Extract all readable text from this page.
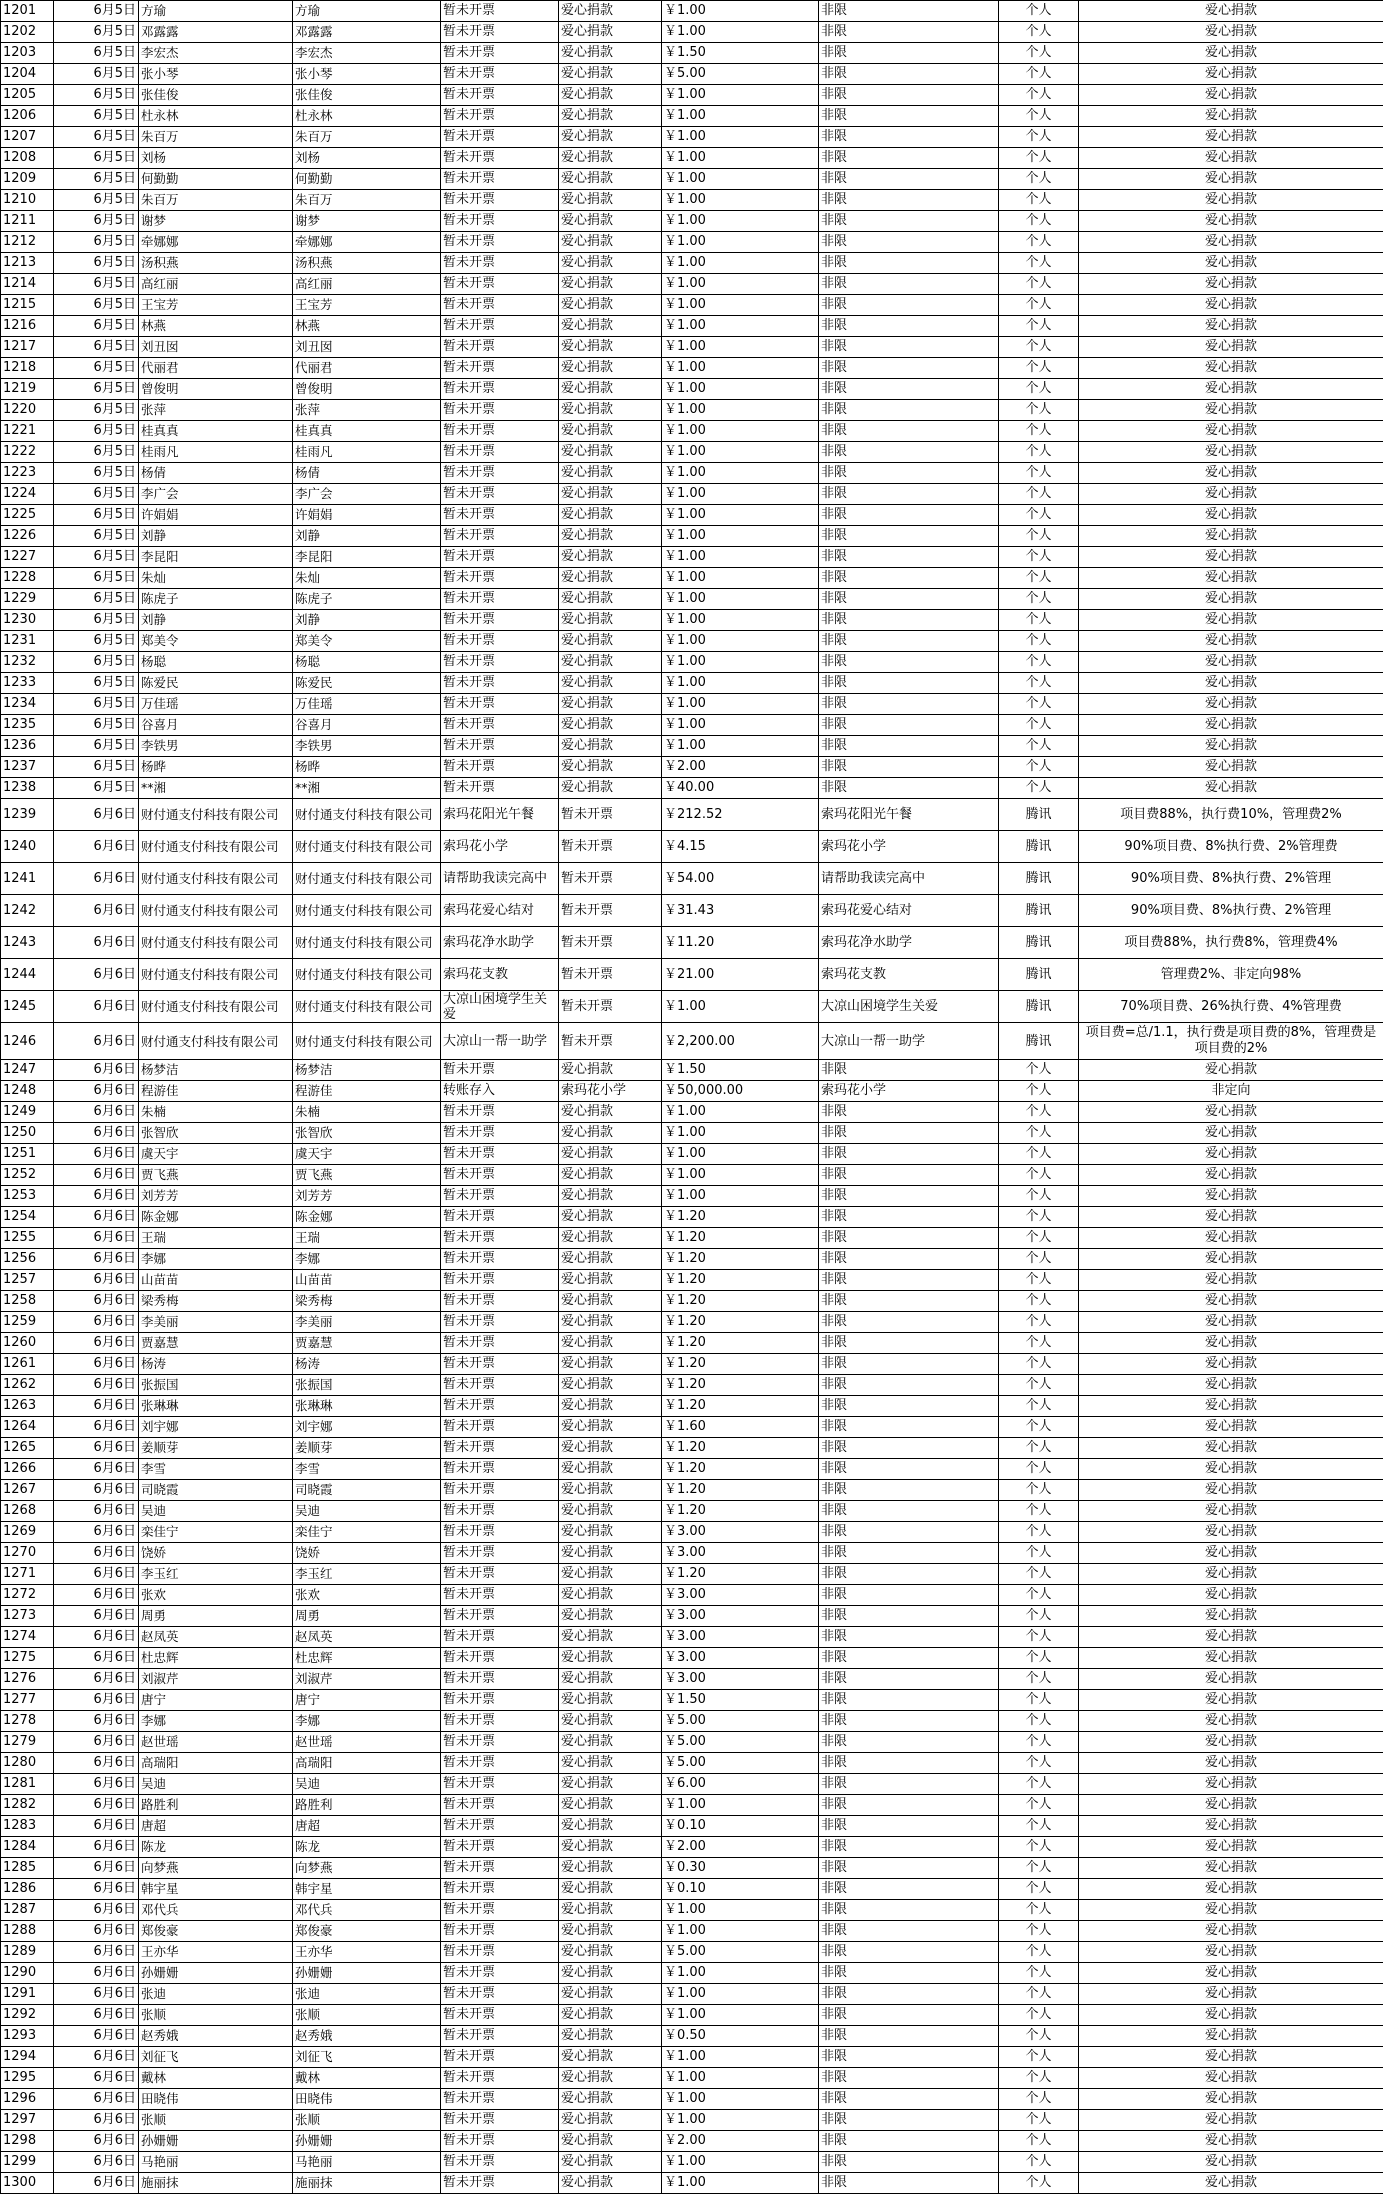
1201	6月5日	方瑜	方瑜	暂未开票	爱心捐款	￥1.00	非限	个人	爱心捐款
1202	6月5日	邓露露	邓露露	暂未开票	爱心捐款	￥1.00	非限	个人	爱心捐款
1203	6月5日	李宏杰	李宏杰	暂未开票	爱心捐款	￥1.50	非限	个人	爱心捐款
1204	6月5日	张小琴	张小琴	暂未开票	爱心捐款	￥5.00	非限	个人	爱心捐款
1205	6月5日	张佳俊	张佳俊	暂未开票	爱心捐款	￥1.00	非限	个人	爱心捐款
1206	6月5日	杜永林	杜永林	暂未开票	爱心捐款	￥1.00	非限	个人	爱心捐款
1207	6月5日	朱百万	朱百万	暂未开票	爱心捐款	￥1.00	非限	个人	爱心捐款
1208	6月5日	刘杨	刘杨	暂未开票	爱心捐款	￥1.00	非限	个人	爱心捐款
1209	6月5日	何勤勤	何勤勤	暂未开票	爱心捐款	￥1.00	非限	个人	爱心捐款
1210	6月5日	朱百万	朱百万	暂未开票	爱心捐款	￥1.00	非限	个人	爱心捐款
1211	6月5日	谢梦	谢梦	暂未开票	爱心捐款	￥1.00	非限	个人	爱心捐款
1212	6月5日	牵娜娜	牵娜娜	暂未开票	爱心捐款	￥1.00	非限	个人	爱心捐款
1213	6月5日	汤积燕	汤积燕	暂未开票	爱心捐款	￥1.00	非限	个人	爱心捐款
1214	6月5日	高红丽	高红丽	暂未开票	爱心捐款	￥1.00	非限	个人	爱心捐款
1215	6月5日	王宝芳	王宝芳	暂未开票	爱心捐款	￥1.00	非限	个人	爱心捐款
1216	6月5日	林燕	林燕	暂未开票	爱心捐款	￥1.00	非限	个人	爱心捐款
1217	6月5日	刘丑囡	刘丑囡	暂未开票	爱心捐款	￥1.00	非限	个人	爱心捐款
1218	6月5日	代丽君	代丽君	暂未开票	爱心捐款	￥1.00	非限	个人	爱心捐款
1219	6月5日	曾俊明	曾俊明	暂未开票	爱心捐款	￥1.00	非限	个人	爱心捐款
1220	6月5日	张萍	张萍	暂未开票	爱心捐款	￥1.00	非限	个人	爱心捐款
1221	6月5日	桂真真	桂真真	暂未开票	爱心捐款	￥1.00	非限	个人	爱心捐款
1222	6月5日	桂雨凡	桂雨凡	暂未开票	爱心捐款	￥1.00	非限	个人	爱心捐款
1223	6月5日	杨倩	杨倩	暂未开票	爱心捐款	￥1.00	非限	个人	爱心捐款
1224	6月5日	李广会	李广会	暂未开票	爱心捐款	￥1.00	非限	个人	爱心捐款
1225	6月5日	许娟娟	许娟娟	暂未开票	爱心捐款	￥1.00	非限	个人	爱心捐款
1226	6月5日	刘静	刘静	暂未开票	爱心捐款	￥1.00	非限	个人	爱心捐款
1227	6月5日	李昆阳	李昆阳	暂未开票	爱心捐款	￥1.00	非限	个人	爱心捐款
1228	6月5日	朱灿	朱灿	暂未开票	爱心捐款	￥1.00	非限	个人	爱心捐款
1229	6月5日	陈虎子	陈虎子	暂未开票	爱心捐款	￥1.00	非限	个人	爱心捐款
1230	6月5日	刘静	刘静	暂未开票	爱心捐款	￥1.00	非限	个人	爱心捐款
1231	6月5日	郑美令	郑美令	暂未开票	爱心捐款	￥1.00	非限	个人	爱心捐款
1232	6月5日	杨聪	杨聪	暂未开票	爱心捐款	￥1.00	非限	个人	爱心捐款
1233	6月5日	陈爱民	陈爱民	暂未开票	爱心捐款	￥1.00	非限	个人	爱心捐款
1234	6月5日	万佳瑶	万佳瑶	暂未开票	爱心捐款	￥1.00	非限	个人	爱心捐款
1235	6月5日	谷喜月	谷喜月	暂未开票	爱心捐款	￥1.00	非限	个人	爱心捐款
1236	6月5日	李铁男	李铁男	暂未开票	爱心捐款	￥1.00	非限	个人	爱心捐款
1237	6月5日	杨晔	杨晔	暂未开票	爱心捐款	￥2.00	非限	个人	爱心捐款
1238	6月5日	**湘	**湘	暂未开票	爱心捐款	￥40.00	非限	个人	爱心捐款
1239	6月6日	财付通支付科技有限公司	财付通支付科技有限公司	索玛花阳光午餐	暂未开票	￥212.52	索玛花阳光午餐	腾讯	项目费88%，执行费10%，管理费2%
1240	6月6日	财付通支付科技有限公司	财付通支付科技有限公司	索玛花小学	暂未开票	￥4.15	索玛花小学	腾讯	90%项目费、8%执行费、2%管理费
1241	6月6日	财付通支付科技有限公司	财付通支付科技有限公司	请帮助我读完高中	暂未开票	￥54.00	请帮助我读完高中	腾讯	90%项目费、8%执行费、2%管理
1242	6月6日	财付通支付科技有限公司	财付通支付科技有限公司	索玛花爱心结对	暂未开票	￥31.43	索玛花爱心结对	腾讯	90%项目费、8%执行费、2%管理
1243	6月6日	财付通支付科技有限公司	财付通支付科技有限公司	索玛花净水助学	暂未开票	￥11.20	索玛花净水助学	腾讯	项目费88%，执行费8%，管理费4%
1244	6月6日	财付通支付科技有限公司	财付通支付科技有限公司	索玛花支教	暂未开票	￥21.00	索玛花支教	腾讯	管理费2%、非定向98%
1245	6月6日	财付通支付科技有限公司	财付通支付科技有限公司	大凉山困境学生关爱	暂未开票	￥1.00	大凉山困境学生关爱	腾讯	70%项目费、26%执行费、4%管理费
1246	6月6日	财付通支付科技有限公司	财付通支付科技有限公司	大凉山一帮一助学	暂未开票	￥2,200.00	大凉山一帮一助学	腾讯	项目费=总/1.1，执行费是项目费的8%，管理费是项目费的2%
1247	6月6日	杨梦洁	杨梦洁	暂未开票	爱心捐款	￥1.50	非限	个人	爱心捐款
1248	6月6日	程游佳	程游佳	转账存入	索玛花小学	￥50,000.00	索玛花小学	个人	非定向
1249	6月6日	朱楠	朱楠	暂未开票	爱心捐款	￥1.00	非限	个人	爱心捐款
1250	6月6日	张智欣	张智欣	暂未开票	爱心捐款	￥1.00	非限	个人	爱心捐款
1251	6月6日	虞天宇	虞天宇	暂未开票	爱心捐款	￥1.00	非限	个人	爱心捐款
1252	6月6日	贾飞燕	贾飞燕	暂未开票	爱心捐款	￥1.00	非限	个人	爱心捐款
1253	6月6日	刘芳芳	刘芳芳	暂未开票	爱心捐款	￥1.00	非限	个人	爱心捐款
1254	6月6日	陈金娜	陈金娜	暂未开票	爱心捐款	￥1.20	非限	个人	爱心捐款
1255	6月6日	王瑞	王瑞	暂未开票	爱心捐款	￥1.20	非限	个人	爱心捐款
1256	6月6日	李娜	李娜	暂未开票	爱心捐款	￥1.20	非限	个人	爱心捐款
1257	6月6日	山苗苗	山苗苗	暂未开票	爱心捐款	￥1.20	非限	个人	爱心捐款
1258	6月6日	梁秀梅	梁秀梅	暂未开票	爱心捐款	￥1.20	非限	个人	爱心捐款
1259	6月6日	李美丽	李美丽	暂未开票	爱心捐款	￥1.20	非限	个人	爱心捐款
1260	6月6日	贾嘉慧	贾嘉慧	暂未开票	爱心捐款	￥1.20	非限	个人	爱心捐款
1261	6月6日	杨涛	杨涛	暂未开票	爱心捐款	￥1.20	非限	个人	爱心捐款
1262	6月6日	张振国	张振国	暂未开票	爱心捐款	￥1.20	非限	个人	爱心捐款
1263	6月6日	张琳琳	张琳琳	暂未开票	爱心捐款	￥1.20	非限	个人	爱心捐款
1264	6月6日	刘宇娜	刘宇娜	暂未开票	爱心捐款	￥1.60	非限	个人	爱心捐款
1265	6月6日	姜顺芽	姜顺芽	暂未开票	爱心捐款	￥1.20	非限	个人	爱心捐款
1266	6月6日	李雪	李雪	暂未开票	爱心捐款	￥1.20	非限	个人	爱心捐款
1267	6月6日	司晓霞	司晓霞	暂未开票	爱心捐款	￥1.20	非限	个人	爱心捐款
1268	6月6日	吴迪	吴迪	暂未开票	爱心捐款	￥1.20	非限	个人	爱心捐款
1269	6月6日	栾佳宁	栾佳宁	暂未开票	爱心捐款	￥3.00	非限	个人	爱心捐款
1270	6月6日	饶娇	饶娇	暂未开票	爱心捐款	￥3.00	非限	个人	爱心捐款
1271	6月6日	李玉红	李玉红	暂未开票	爱心捐款	￥1.20	非限	个人	爱心捐款
1272	6月6日	张欢	张欢	暂未开票	爱心捐款	￥3.00	非限	个人	爱心捐款
1273	6月6日	周勇	周勇	暂未开票	爱心捐款	￥3.00	非限	个人	爱心捐款
1274	6月6日	赵凤英	赵凤英	暂未开票	爱心捐款	￥3.00	非限	个人	爱心捐款
1275	6月6日	杜忠辉	杜忠辉	暂未开票	爱心捐款	￥3.00	非限	个人	爱心捐款
1276	6月6日	刘淑芹	刘淑芹	暂未开票	爱心捐款	￥3.00	非限	个人	爱心捐款
1277	6月6日	唐宁	唐宁	暂未开票	爱心捐款	￥1.50	非限	个人	爱心捐款
1278	6月6日	李娜	李娜	暂未开票	爱心捐款	￥5.00	非限	个人	爱心捐款
1279	6月6日	赵世瑶	赵世瑶	暂未开票	爱心捐款	￥5.00	非限	个人	爱心捐款
1280	6月6日	高瑞阳	高瑞阳	暂未开票	爱心捐款	￥5.00	非限	个人	爱心捐款
1281	6月6日	吴迪	吴迪	暂未开票	爱心捐款	￥6.00	非限	个人	爱心捐款
1282	6月6日	路胜利	路胜利	暂未开票	爱心捐款	￥1.00	非限	个人	爱心捐款
1283	6月6日	唐超	唐超	暂未开票	爱心捐款	￥0.10	非限	个人	爱心捐款
1284	6月6日	陈龙	陈龙	暂未开票	爱心捐款	￥2.00	非限	个人	爱心捐款
1285	6月6日	向梦燕	向梦燕	暂未开票	爱心捐款	￥0.30	非限	个人	爱心捐款
1286	6月6日	韩宇星	韩宇星	暂未开票	爱心捐款	￥0.10	非限	个人	爱心捐款
1287	6月6日	邓代兵	邓代兵	暂未开票	爱心捐款	￥1.00	非限	个人	爱心捐款
1288	6月6日	郑俊豪	郑俊豪	暂未开票	爱心捐款	￥1.00	非限	个人	爱心捐款
1289	6月6日	王亦华	王亦华	暂未开票	爱心捐款	￥5.00	非限	个人	爱心捐款
1290	6月6日	孙姗姗	孙姗姗	暂未开票	爱心捐款	￥1.00	非限	个人	爱心捐款
1291	6月6日	张迪	张迪	暂未开票	爱心捐款	￥1.00	非限	个人	爱心捐款
1292	6月6日	张顺	张顺	暂未开票	爱心捐款	￥1.00	非限	个人	爱心捐款
1293	6月6日	赵秀娥	赵秀娥	暂未开票	爱心捐款	￥0.50	非限	个人	爱心捐款
1294	6月6日	刘征飞	刘征飞	暂未开票	爱心捐款	￥1.00	非限	个人	爱心捐款
1295	6月6日	戴林	戴林	暂未开票	爱心捐款	￥1.00	非限	个人	爱心捐款
1296	6月6日	田晓伟	田晓伟	暂未开票	爱心捐款	￥1.00	非限	个人	爱心捐款
1297	6月6日	张顺	张顺	暂未开票	爱心捐款	￥1.00	非限	个人	爱心捐款
1298	6月6日	孙姗姗	孙姗姗	暂未开票	爱心捐款	￥2.00	非限	个人	爱心捐款
1299	6月6日	马艳丽	马艳丽	暂未开票	爱心捐款	￥1.00	非限	个人	爱心捐款
1300	6月6日	施丽抹	施丽抹	暂未开票	爱心捐款	￥1.00	非限	个人	爱心捐款
